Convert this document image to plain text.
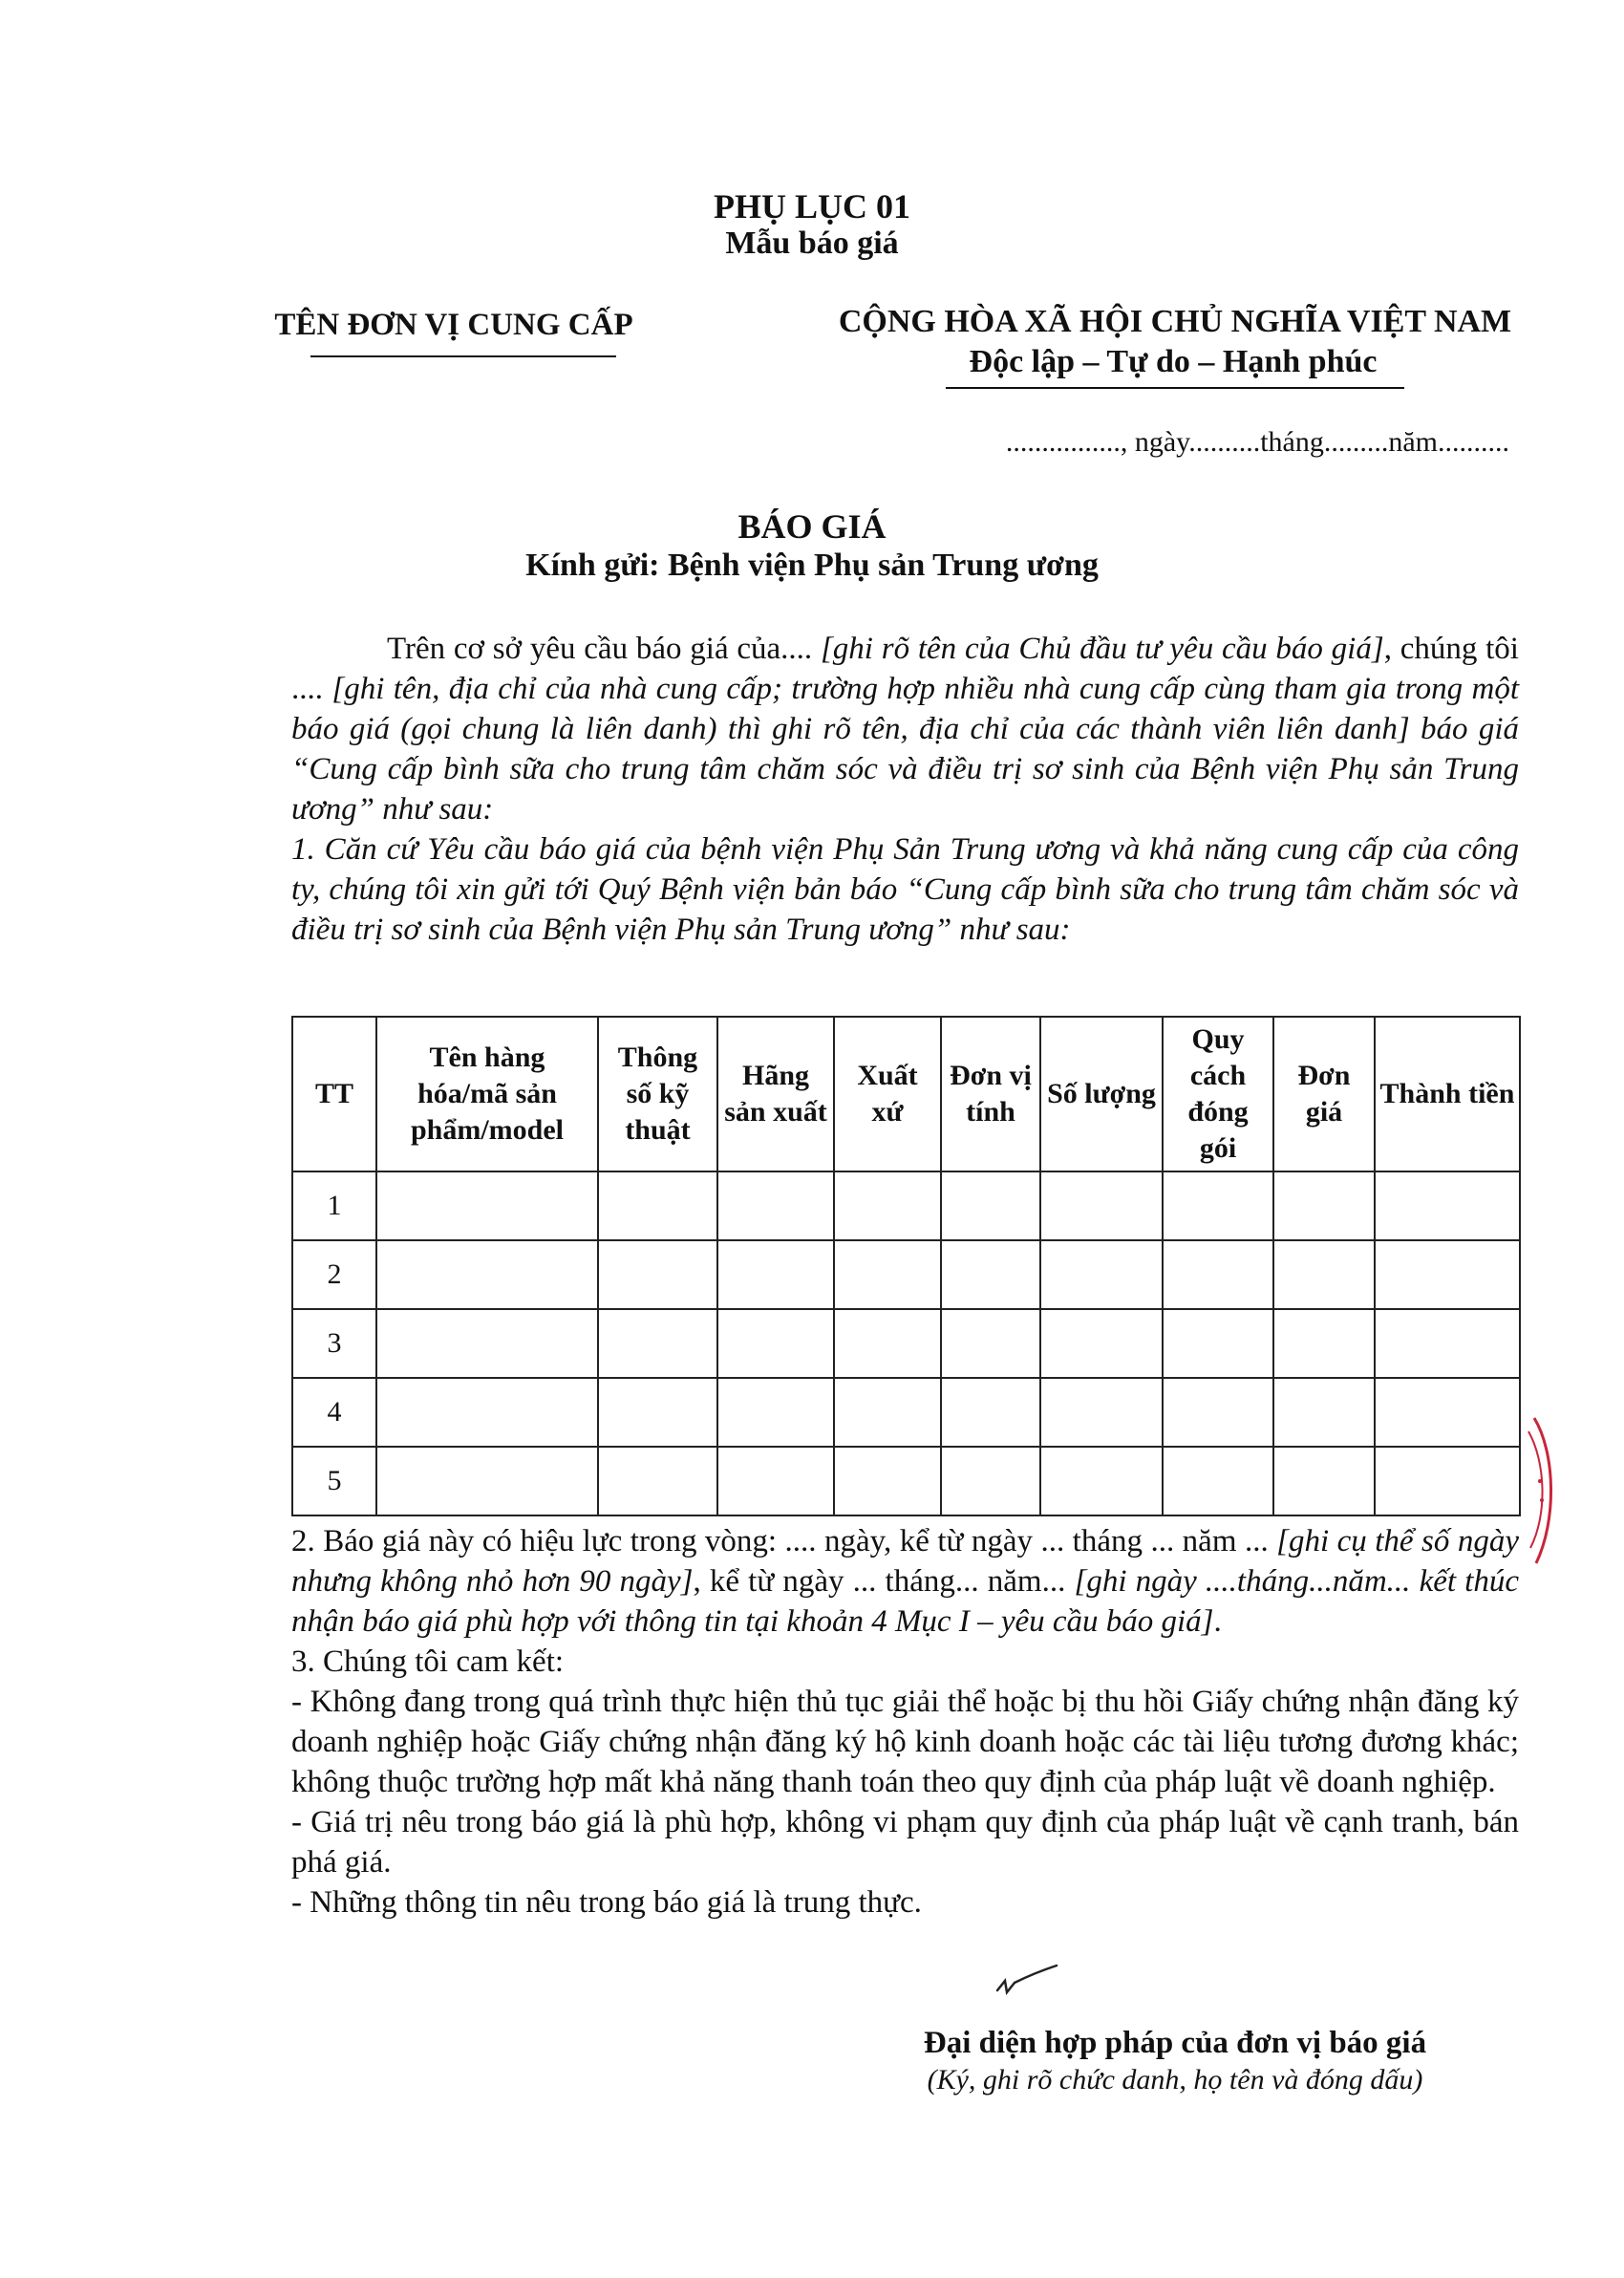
PHỤ LỤC 01
Mẫu báo giá
TÊN ĐƠN VỊ CUNG CẤP	CỘNG HÒA XÃ HỘI CHỦ NGHĨA VIỆT NAM
Độc lập – Tự do – Hạnh phúc
................, ngày..........tháng.........năm..........
BÁO GIÁ
Kính gửi: Bệnh viện Phụ sản Trung ương

Trên cơ sở yêu cầu báo giá của.... [ghi rõ tên của Chủ đầu tư yêu cầu báo giá], chúng tôi .... [ghi tên, địa chỉ của nhà cung cấp; trường hợp nhiều nhà cung cấp cùng tham gia trong một báo giá (gọi chung là liên danh) thì ghi rõ tên, địa chỉ của các thành viên liên danh] báo giá “Cung cấp bình sữa cho trung tâm chăm sóc và điều trị sơ sinh của Bệnh viện Phụ sản Trung ương” như sau:

1. Căn cứ Yêu cầu báo giá của bệnh viện Phụ Sản Trung ương và khả năng cung cấp của công ty, chúng tôi xin gửi tới Quý Bệnh viện bản báo “Cung cấp bình sữa cho trung tâm chăm sóc và điều trị sơ sinh của Bệnh viện Phụ sản Trung ương” như sau:

TT	Tên hàng hóa/mã sản phẩm/model	Thông số kỹ thuật	Hãng sản xuất	Xuất xứ	Đơn vị tính	Số lượng	Quy cách đóng gói	Đơn giá	Thành tiền
1									
2									
3									
4									
5									

2. Báo giá này có hiệu lực trong vòng: .... ngày, kể từ ngày ... tháng ... năm ... [ghi cụ thể số ngày nhưng không nhỏ hơn 90 ngày], kể từ ngày ... tháng... năm... [ghi ngày ....tháng...năm... kết thúc nhận báo giá phù hợp với thông tin tại khoản 4 Mục I – yêu cầu báo giá].

3. Chúng tôi cam kết:

- Không đang trong quá trình thực hiện thủ tục giải thể hoặc bị thu hồi Giấy chứng nhận đăng ký doanh nghiệp hoặc Giấy chứng nhận đăng ký hộ kinh doanh hoặc các tài liệu tương đương khác; không thuộc trường hợp mất khả năng thanh toán theo quy định của pháp luật về doanh nghiệp.

- Giá trị nêu trong báo giá là phù hợp, không vi phạm quy định của pháp luật về cạnh tranh, bán phá giá.

- Những thông tin nêu trong báo giá là trung thực.

Đại diện hợp pháp của đơn vị báo giá
(Ký, ghi rõ chức danh, họ tên và đóng dấu)
